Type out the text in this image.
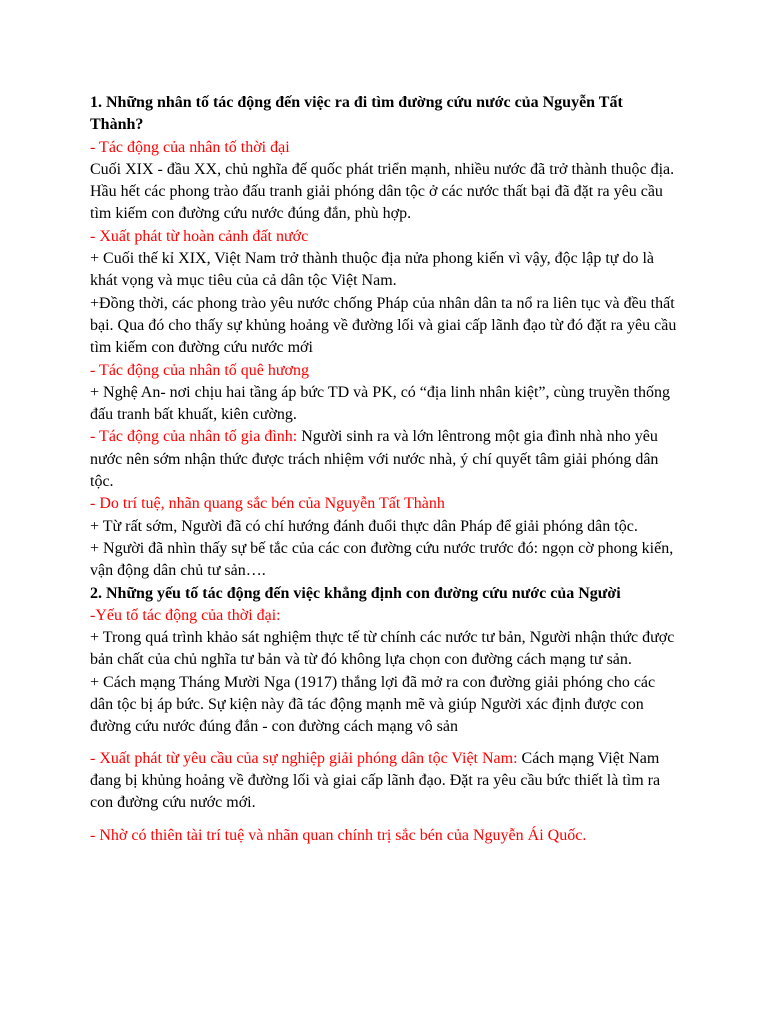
1. Những nhân tố tác động đến việc ra đi tìm đường cứu nước của Nguyễn Tất Thành?

- Tác động của nhân tố thời đại

Cuối XIX - đầu XX, chủ nghĩa đế quốc phát triển mạnh, nhiều nước đã trở thành thuộc địa. Hầu hết các phong trào đấu tranh giải phóng dân tộc ở các nước thất bại đã đặt ra yêu cầu tìm kiếm con đường cứu nước đúng đắn, phù hợp.

- Xuất phát từ hoàn cảnh đất nước

+ Cuối thế kỉ XIX, Việt Nam trở thành thuộc địa nửa phong kiến vì vậy, độc lập tự do là khát vọng và mục tiêu của cả dân tộc Việt Nam.

+Đồng thời, các phong trào yêu nước chống Pháp của nhân dân ta nổ ra liên tục và đều thất bại. Qua đó cho thấy sự khủng hoảng về đường lối và giai cấp lãnh đạo từ đó đặt ra yêu cầu tìm kiếm con đường cứu nước mới

- Tác động của nhân tố quê hương

+ Nghệ An- nơi chịu hai tầng áp bức TD và PK, có “địa linh nhân kiệt”, cùng truyền thống đấu tranh bất khuất, kiên cường.

- Tác động của nhân tố gia đình: Người sinh ra và lớn lêntrong một gia đình nhà nho yêu nước nên sớm nhận thức được trách nhiệm với nước nhà, ý chí quyết tâm giải phóng dân tộc.

- Do trí tuệ, nhãn quang sắc bén của Nguyễn Tất Thành

+ Từ rất sớm, Người đã có chí hướng đánh đuổi thực dân Pháp để giải phóng dân tộc.

+ Người đã nhìn thấy sự bế tắc của các con đường cứu nước trước đó: ngọn cờ phong kiến, vận động dân chủ tư sản….

2. Những yếu tố tác động đến việc khẳng định con đường cứu nước của Người

-Yếu tố tác động của thời đại:

+ Trong quá trình khảo sát nghiệm thực tế từ chính các nước tư bản, Người nhận thức được bản chất của chủ nghĩa tư bản và từ đó không lựa chọn con đường cách mạng tư sản.

+ Cách mạng Tháng Mười Nga (1917) thắng lợi đã mở ra con đường giải phóng cho các dân tộc bị áp bức. Sự kiện này đã tác động mạnh mẽ và giúp Người xác định được con đường cứu nước đúng đắn - con đường cách mạng vô sản

- Xuất phát từ yêu cầu của sự nghiệp giải phóng dân tộc Việt Nam: Cách mạng Việt Nam đang bị khủng hoảng về đường lối và giai cấp lãnh đạo. Đặt ra yêu cầu bức thiết là tìm ra con đường cứu nước mới.

- Nhờ có thiên tài trí tuệ và nhãn quan chính trị sắc bén của Nguyễn Ái Quốc.
